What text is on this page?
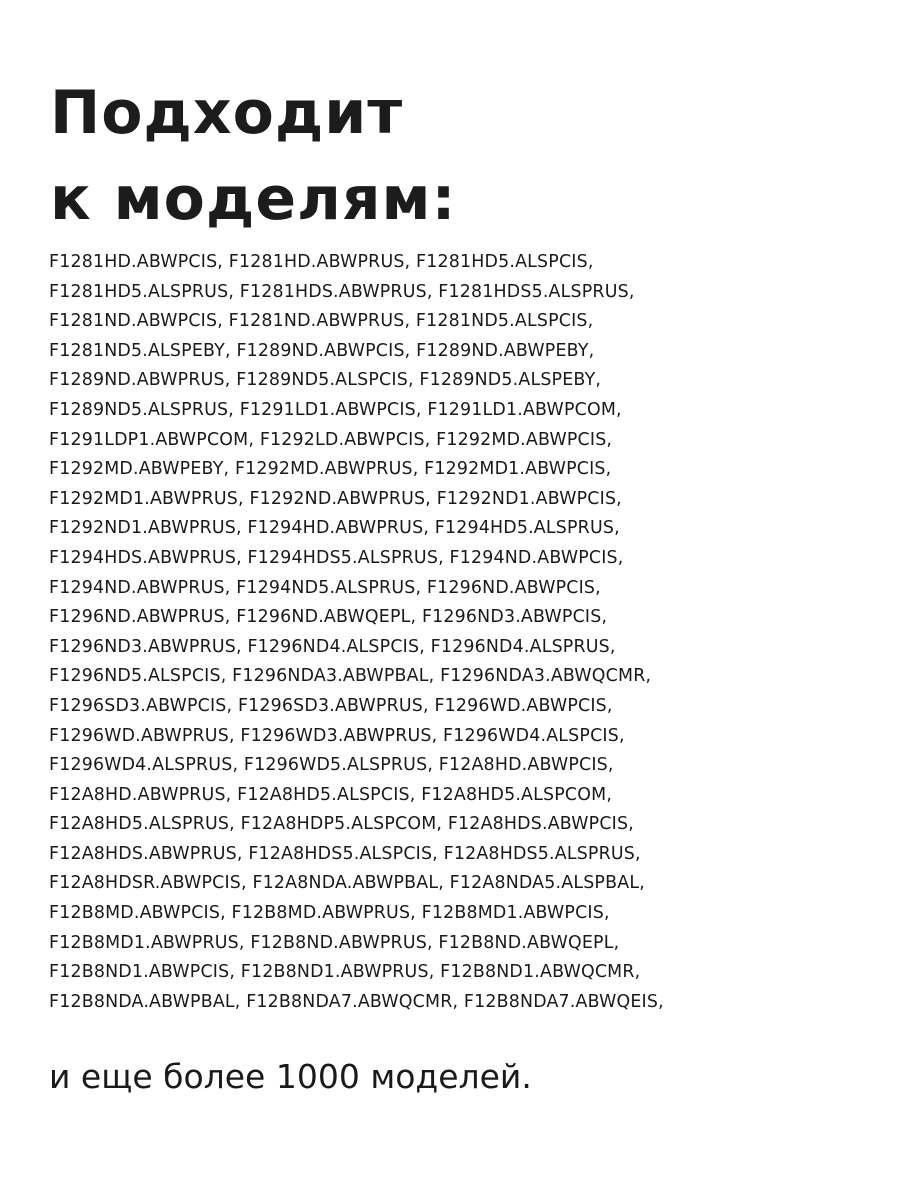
Подходит
к моделям:
F1281HD.ABWPCIS, F1281HD.ABWPRUS, F1281HD5.ALSPCIS,
F1281HD5.ALSPRUS, F1281HDS.ABWPRUS, F1281HDS5.ALSPRUS,
F1281ND.ABWPCIS, F1281ND.ABWPRUS, F1281ND5.ALSPCIS,
F1281ND5.ALSPEBY, F1289ND.ABWPCIS, F1289ND.ABWPEBY,
F1289ND.ABWPRUS, F1289ND5.ALSPCIS, F1289ND5.ALSPEBY,
F1289ND5.ALSPRUS, F1291LD1.ABWPCIS, F1291LD1.ABWPCOM,
F1291LDP1.ABWPCOM, F1292LD.ABWPCIS, F1292MD.ABWPCIS,
F1292MD.ABWPEBY, F1292MD.ABWPRUS, F1292MD1.ABWPCIS,
F1292MD1.ABWPRUS, F1292ND.ABWPRUS, F1292ND1.ABWPCIS,
F1292ND1.ABWPRUS, F1294HD.ABWPRUS, F1294HD5.ALSPRUS,
F1294HDS.ABWPRUS, F1294HDS5.ALSPRUS, F1294ND.ABWPCIS,
F1294ND.ABWPRUS, F1294ND5.ALSPRUS, F1296ND.ABWPCIS,
F1296ND.ABWPRUS, F1296ND.ABWQEPL, F1296ND3.ABWPCIS,
F1296ND3.ABWPRUS, F1296ND4.ALSPCIS, F1296ND4.ALSPRUS,
F1296ND5.ALSPCIS, F1296NDA3.ABWPBAL, F1296NDA3.ABWQCMR,
F1296SD3.ABWPCIS, F1296SD3.ABWPRUS, F1296WD.ABWPCIS,
F1296WD.ABWPRUS, F1296WD3.ABWPRUS, F1296WD4.ALSPCIS,
F1296WD4.ALSPRUS, F1296WD5.ALSPRUS, F12A8HD.ABWPCIS,
F12A8HD.ABWPRUS, F12A8HD5.ALSPCIS, F12A8HD5.ALSPCOM,
F12A8HD5.ALSPRUS, F12A8HDP5.ALSPCOM, F12A8HDS.ABWPCIS,
F12A8HDS.ABWPRUS, F12A8HDS5.ALSPCIS, F12A8HDS5.ALSPRUS,
F12A8HDSR.ABWPCIS, F12A8NDA.ABWPBAL, F12A8NDA5.ALSPBAL,
F12B8MD.ABWPCIS, F12B8MD.ABWPRUS, F12B8MD1.ABWPCIS,
F12B8MD1.ABWPRUS, F12B8ND.ABWPRUS, F12B8ND.ABWQEPL,
F12B8ND1.ABWPCIS, F12B8ND1.ABWPRUS, F12B8ND1.ABWQCMR,
F12B8NDA.ABWPBAL, F12B8NDA7.ABWQCMR, F12B8NDA7.ABWQEIS,

и еще более 1000 моделей.
